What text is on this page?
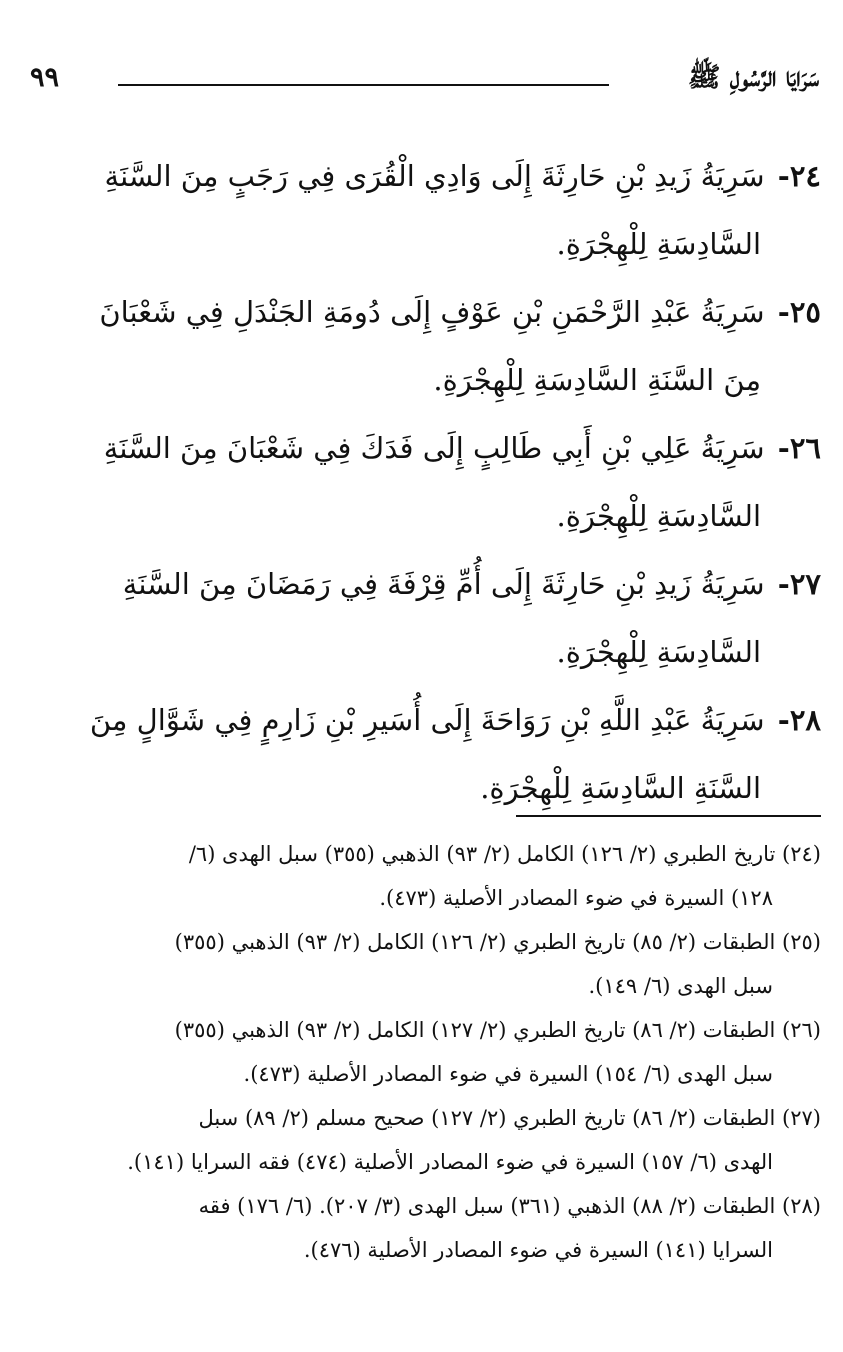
سَرَايَا الرَّسُولِ ﷺ
٩٩
٢٤- سَرِيَةُ زَيدِ بْنِ حَارِثَةَ إِلَى وَادِي الْقُرَى فِي رَجَبٍ مِنَ السَّنَةِ
السَّادِسَةِ لِلْهِجْرَةِ.
٢٥- سَرِيَةُ عَبْدِ الرَّحْمَنِ بْنِ عَوْفٍ إِلَى دُومَةِ الجَنْدَلِ فِي شَعْبَانَ
مِنَ السَّنَةِ السَّادِسَةِ لِلْهِجْرَةِ.
٢٦- سَرِيَةُ عَلِي بْنِ أَبِي طَالِبٍ إِلَى فَدَكَ فِي شَعْبَانَ مِنَ السَّنَةِ
السَّادِسَةِ لِلْهِجْرَةِ.
٢٧- سَرِيَةُ زَيدِ بْنِ حَارِثَةَ إِلَى أُمِّ قِرْفَةَ فِي رَمَضَانَ مِنَ السَّنَةِ
السَّادِسَةِ لِلْهِجْرَةِ.
٢٨- سَرِيَةُ عَبْدِ اللَّهِ بْنِ رَوَاحَةَ إِلَى أُسَيرِ بْنِ زَارِمٍ فِي شَوَّالٍ مِنَ
السَّنَةِ السَّادِسَةِ لِلْهِجْرَةِ.
(٢٤) تاريخ الطبري (٢/ ١٢٦) الكامل (٢/ ٩٣) الذهبي (٣٥٥) سبل الهدى (٦/
١٢٨) السيرة في ضوء المصادر الأصلية (٤٧٣).
(٢٥) الطبقات (٢/ ٨٥) تاريخ الطبري (٢/ ١٢٦) الكامل (٢/ ٩٣) الذهبي (٣٥٥)
سبل الهدى (٦/ ١٤٩).
(٢٦) الطبقات (٢/ ٨٦) تاريخ الطبري (٢/ ١٢٧) الكامل (٢/ ٩٣) الذهبي (٣٥٥)
سبل الهدى (٦/ ١٥٤) السيرة في ضوء المصادر الأصلية (٤٧٣).
(٢٧) الطبقات (٢/ ٨٦) تاريخ الطبري (٢/ ١٢٧) صحيح مسلم (٢/ ٨٩) سبل
الهدى (٦/ ١٥٧) السيرة في ضوء المصادر الأصلية (٤٧٤) فقه السرايا (١٤١).
(٢٨) الطبقات (٢/ ٨٨) الذهبي (٣٦١) سبل الهدى (٣/ ٢٠٧). (٦/ ١٧٦) فقه
السرايا (١٤١) السيرة في ضوء المصادر الأصلية (٤٧٦).
